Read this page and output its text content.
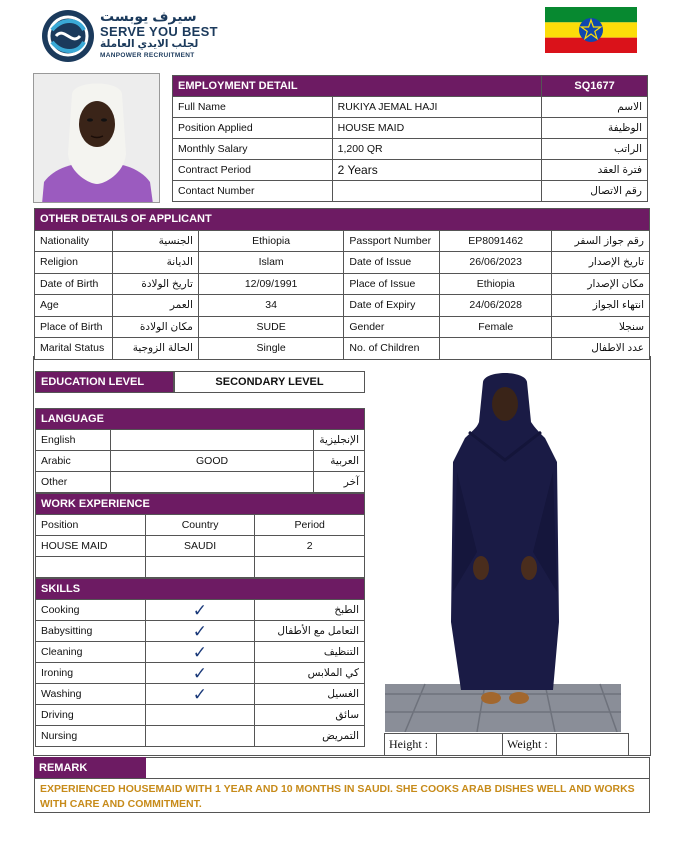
سيرف يوبست
SERVE YOU BEST
لجلب الايدي العاملة
MANPOWER RECRUITMENT
EMPLOYMENT DETAIL		SQ1677
Full Name	RUKIYA JEMAL HAJI	الاسم
Position Applied	HOUSE MAID	الوظيفة
Monthly Salary	1,200 QR	الراتب
Contract Period	2 Years	فترة العقد
Contact Number		رقم الاتصال
OTHER DETAILS OF APPLICANT					
Nationality	الجنسية	Ethiopia	Passport Number	EP8091462	رقم جواز السفر
Religion	الديانة	Islam	Date of Issue	26/06/2023	تاريخ الإصدار
Date of Birth	تاريخ الولادة	12/09/1991	Place of Issue	Ethiopia	مكان الإصدار
Age	العمر	34	Date of Expiry	24/06/2028	انتهاء الجواز
Place of Birth	مكان الولادة	SUDE	Gender	Female	سنجلا
Marital Status	الحالة الزوجية	Single	No. of Children		عدد الاطفال
EDUCATION LEVEL	SECONDARY LEVEL
LANGUAGE		
English		الإنجليزية
Arabic	GOOD	العربية
Other		آخر
WORK EXPERIENCE		
Position	Country	Period
HOUSE MAID	SAUDI	2

SKILLS		
Cooking	✓	الطبخ
Babysitting	✓	التعامل مع الأطفال
Cleaning	✓	التنظيف
Ironing	✓	كي الملابس
Washing	✓	الغسيل
Driving		سائق
Nursing		التمريض
Height :	Weight :
REMARK
EXPERIENCED HOUSEMAID WITH 1 YEAR AND 10 MONTHS IN SAUDI. SHE COOKS ARAB DISHES WELL AND WORKS WITH CARE AND COMMITMENT.
